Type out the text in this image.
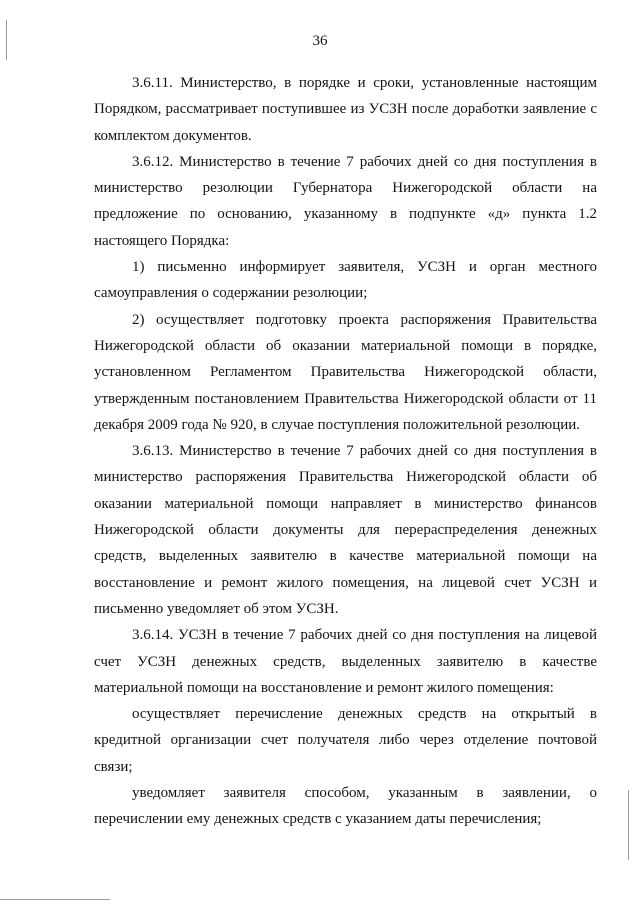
36

3.6.11. Министерство, в порядке и сроки, установленные настоящим Порядком, рассматривает поступившее из УСЗН после доработки заявление с комплектом документов.

3.6.12. Министерство в течение 7 рабочих дней со дня поступления в министерство резолюции Губернатора Нижегородской области на предложение по основанию, указанному в подпункте «д» пункта 1.2 настоящего Порядка:

1) письменно информирует заявителя, УСЗН и орган местного самоуправления о содержании резолюции;

2) осуществляет подготовку проекта распоряжения Правительства Нижегородской области об оказании материальной помощи в порядке, установленном Регламентом Правительства Нижегородской области, утвержденным постановлением Правительства Нижегородской области от 11 декабря 2009 года № 920, в случае поступления положительной резолюции.

3.6.13. Министерство в течение 7 рабочих дней со дня поступления в министерство распоряжения Правительства Нижегородской области об оказании материальной помощи направляет в министерство финансов Нижегородской области документы для перераспределения денежных средств, выделенных заявителю в качестве материальной помощи на восстановление и ремонт жилого помещения, на лицевой счет УСЗН и письменно уведомляет об этом УСЗН.

3.6.14. УСЗН в течение 7 рабочих дней со дня поступления на лицевой счет УСЗН денежных средств, выделенных заявителю в качестве материальной помощи на восстановление и ремонт жилого помещения:

осуществляет перечисление денежных средств на открытый в кредитной организации счет получателя либо через отделение почтовой связи;

уведомляет заявителя способом, указанным в заявлении, о перечислении ему денежных средств с указанием даты перечисления;
